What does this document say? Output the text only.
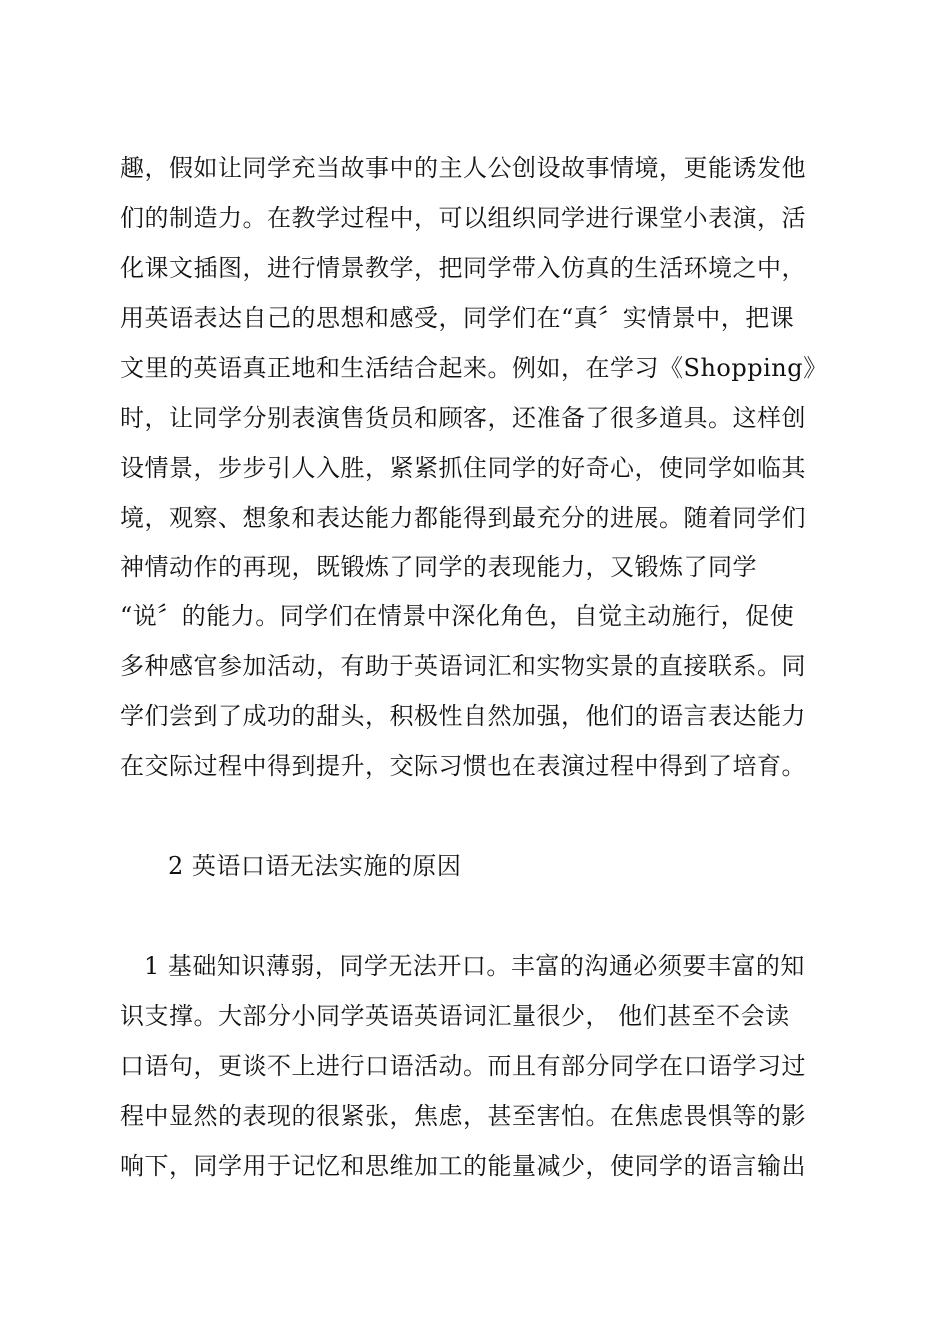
趣，假如让同学充当故事中的主人公创设故事情境，更能诱发他
们的制造力。在教学过程中，可以组织同学进行课堂小表演，活
化课文插图，进行情景教学，把同学带入仿真的生活环境之中，
用英语表达自己的思想和感受，同学们在“真〞实情景中，把课
文里的英语真正地和生活结合起来。例如，在学习《Shopping》
时，让同学分别表演售货员和顾客，还准备了很多道具。这样创
设情景，步步引人入胜，紧紧抓住同学的好奇心，使同学如临其
境，观察、想象和表达能力都能得到最充分的进展。随着同学们
神情动作的再现，既锻炼了同学的表现能力，又锻炼了同学
“说〞的能力。同学们在情景中深化角色，自觉主动施行，促使
多种感官参加活动，有助于英语词汇和实物实景的直接联系。同
学们尝到了成功的甜头，积极性自然加强，他们的语言表达能力
在交际过程中得到提升，交际习惯也在表演过程中得到了培育。
2 英语口语无法实施的原因
1 基础知识薄弱，同学无法开口。丰富的沟通必须要丰富的知
识支撑。大部分小同学英语英语词汇量很少， 他们甚至不会读
口语句，更谈不上进行口语活动。而且有部分同学在口语学习过
程中显然的表现的很紧张，焦虑，甚至害怕。在焦虑畏惧等的影
响下，同学用于记忆和思维加工的能量减少，使同学的语言输出
